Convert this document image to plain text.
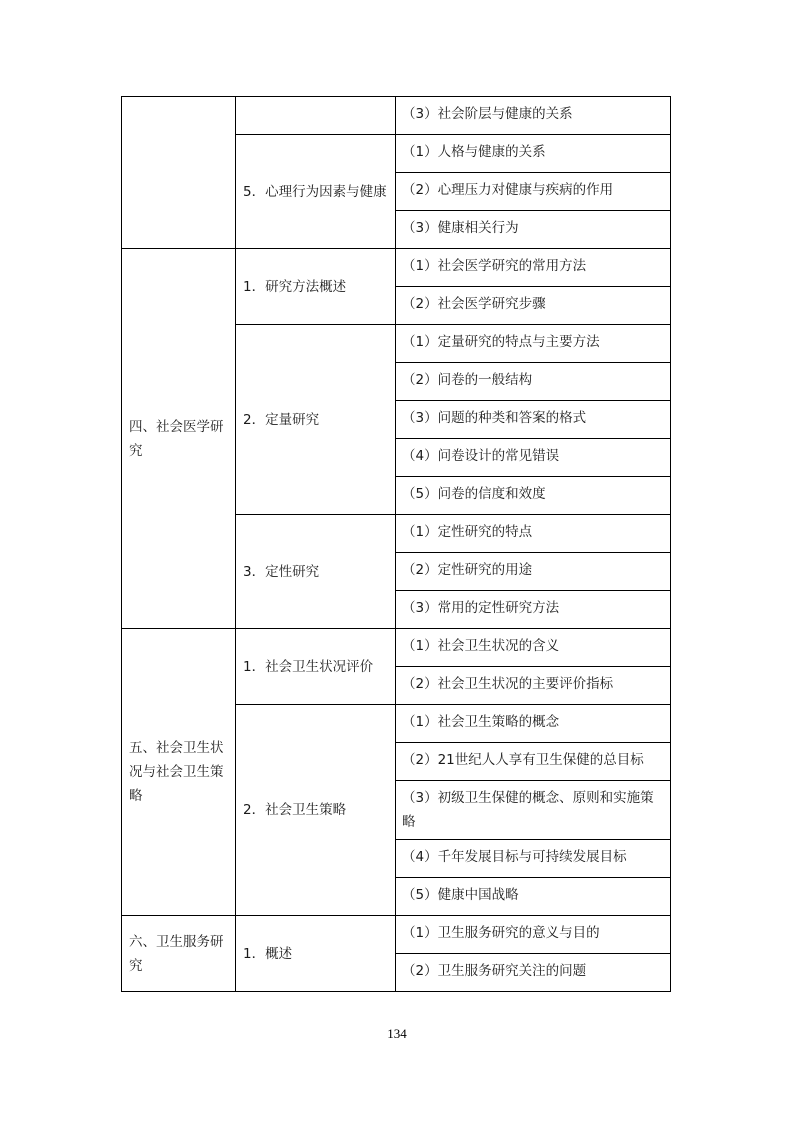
		（3）社会阶层与健康的关系
	5．心理行为因素与健康	（1）人格与健康的关系
		（2）心理压力对健康与疾病的作用
		（3）健康相关行为
四、社会医学研究	1．研究方法概述	（1）社会医学研究的常用方法
		（2）社会医学研究步骤
	2．定量研究	（1）定量研究的特点与主要方法
		（2）问卷的一般结构
		（3）问题的种类和答案的格式
		（4）问卷设计的常见错误
		（5）问卷的信度和效度
	3．定性研究	（1）定性研究的特点
		（2）定性研究的用途
		（3）常用的定性研究方法
五、社会卫生状况与社会卫生策略	1．社会卫生状况评价	（1）社会卫生状况的含义
		（2）社会卫生状况的主要评价指标
	2．社会卫生策略	（1）社会卫生策略的概念
		（2）21世纪人人享有卫生保健的总目标
		（3）初级卫生保健的概念、原则和实施策略
		（4）千年发展目标与可持续发展目标
		（5）健康中国战略
六、卫生服务研究	1．概述	（1）卫生服务研究的意义与目的
		（2）卫生服务研究关注的问题
134
